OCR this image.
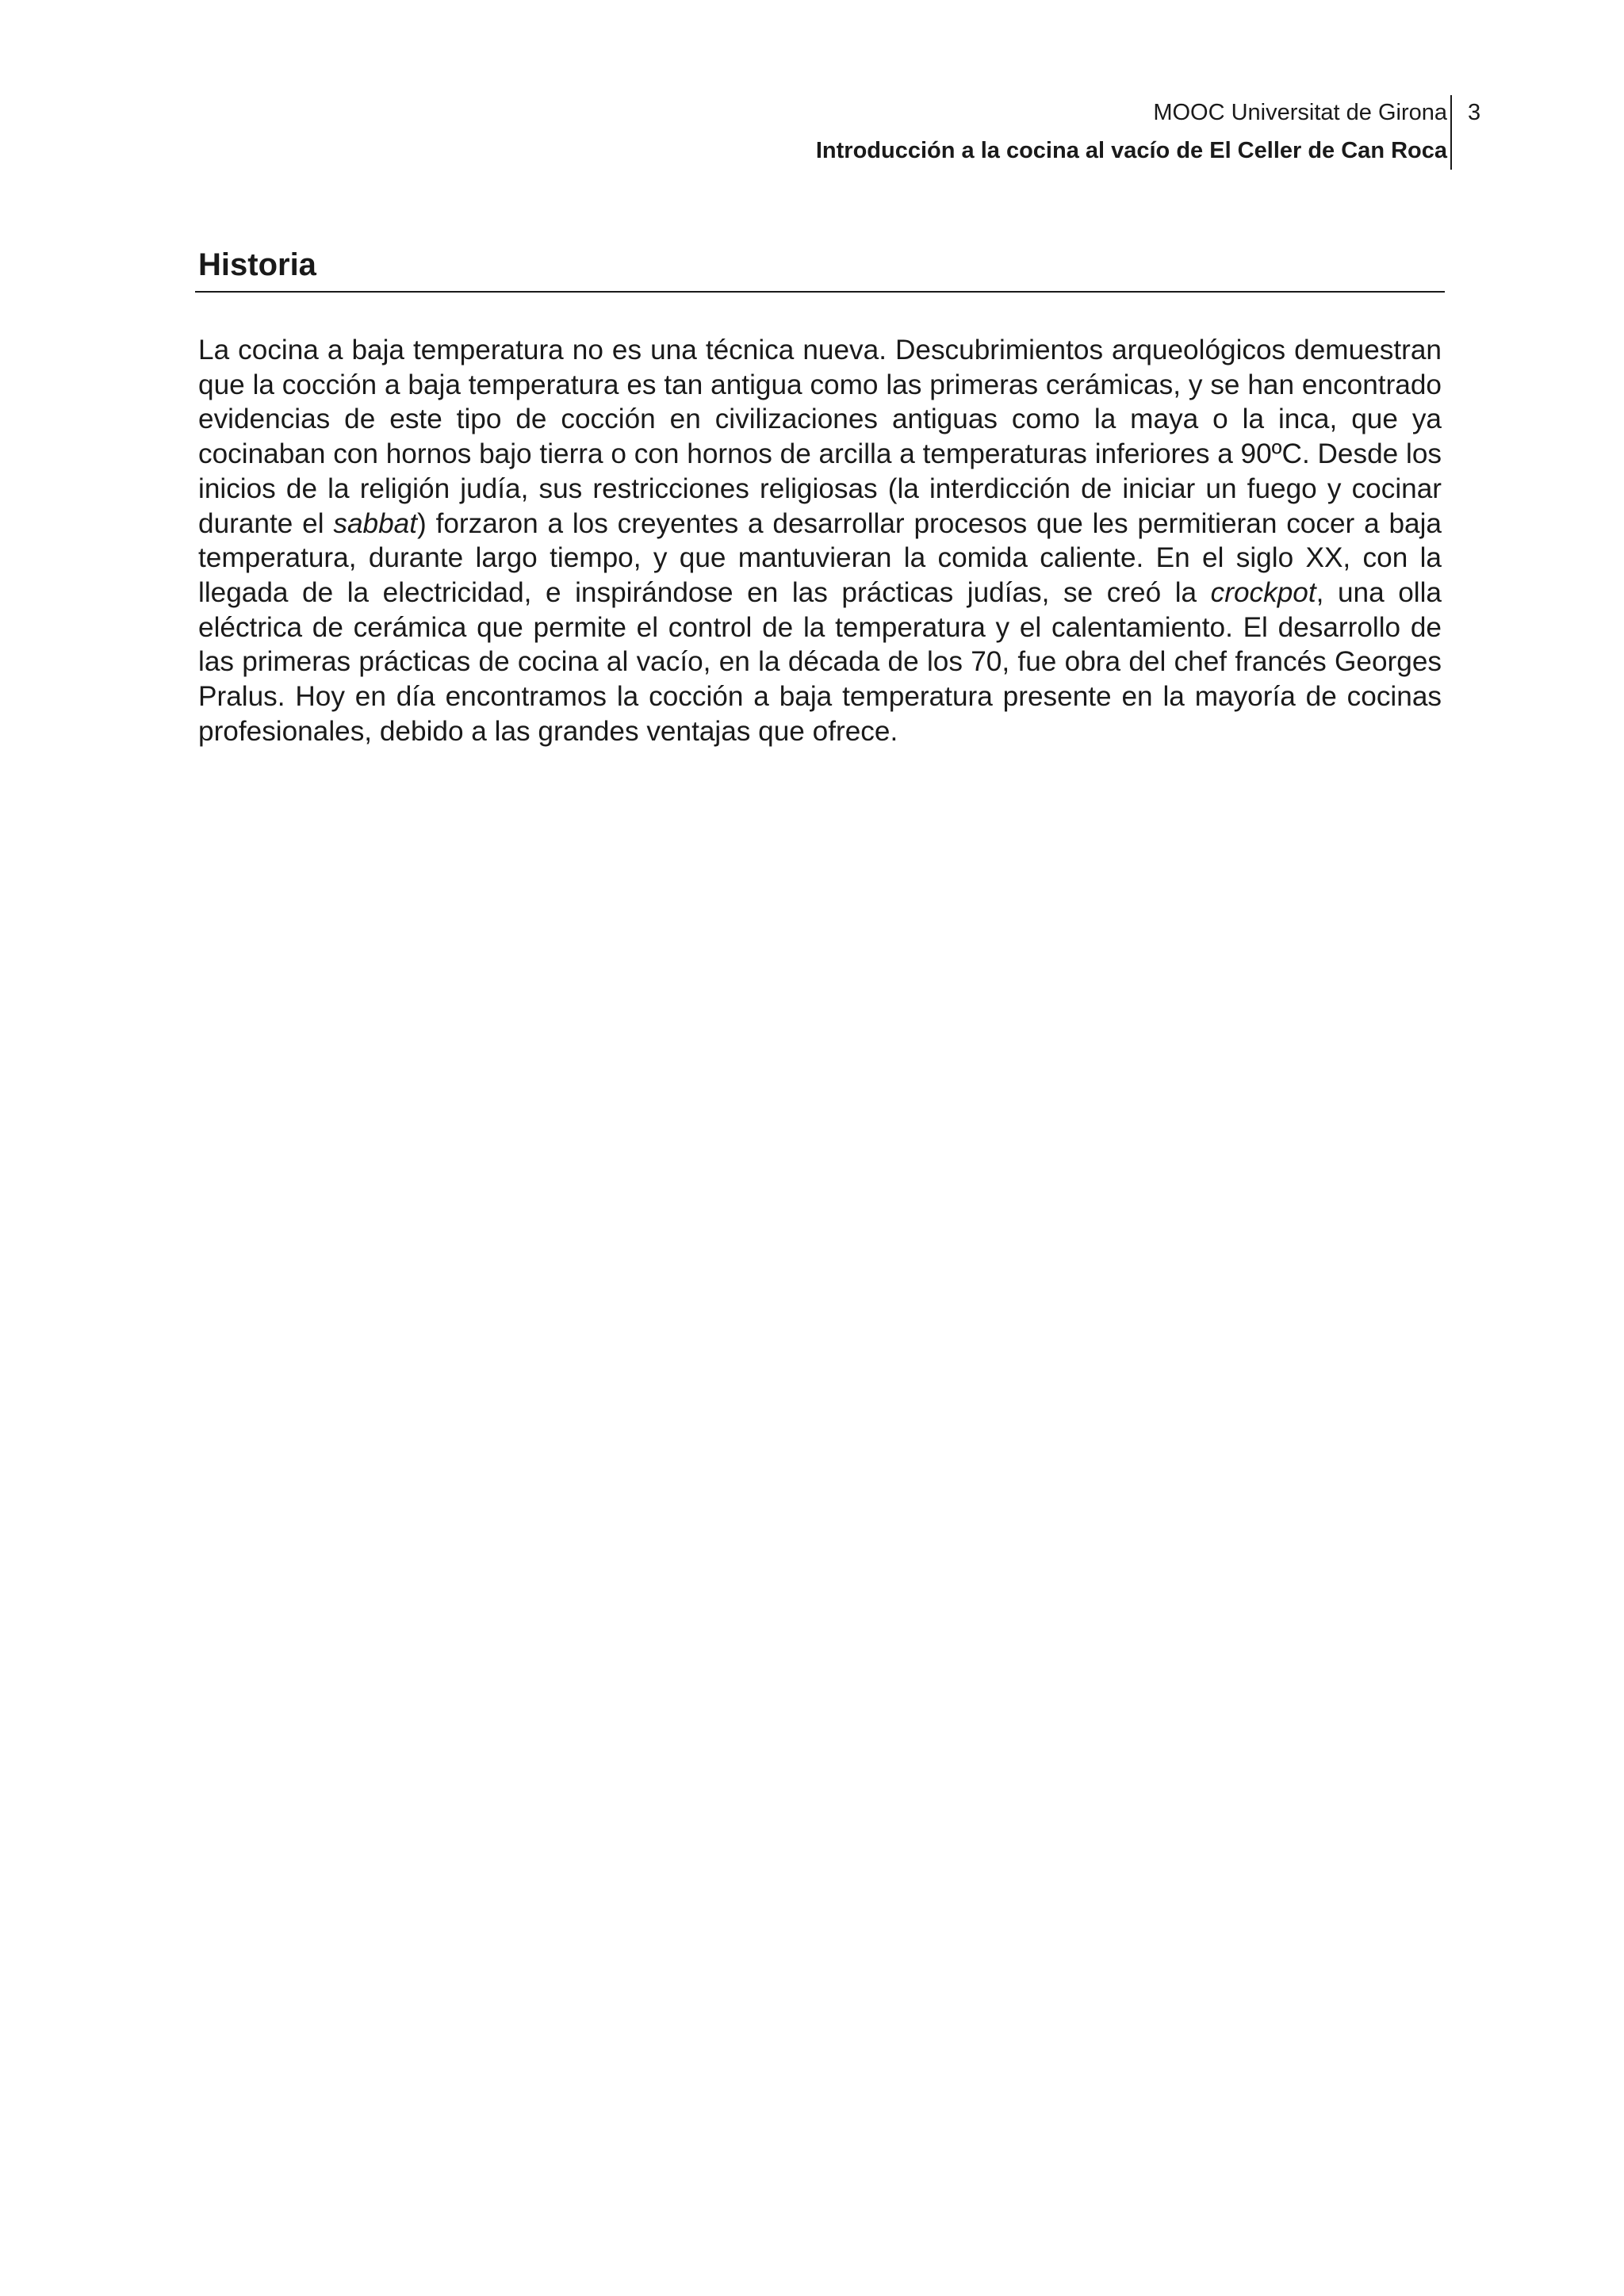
MOOC Universitat de Girona
Introducción a la cocina al vacío de El Celler de Can Roca
3
Historia

La cocina a baja temperatura no es una técnica nueva. Descubrimientos arqueológicos demuestran que la cocción a baja temperatura es tan antigua como las primeras cerámicas, y se han encontrado evidencias de este tipo de cocción en civilizaciones antiguas como la maya o la inca, que ya cocinaban con hornos bajo tierra o con hornos de arcilla a temperaturas inferiores a 90ºC. Desde los inicios de la religión judía, sus restricciones religiosas (la interdicción de iniciar un fuego y cocinar durante el sabbat) forzaron a los creyentes a desarrollar procesos que les permitieran cocer a baja temperatura, durante largo tiempo, y que mantuvieran la comida caliente. En el siglo XX, con la llegada de la electricidad, e inspirándose en las prácticas judías, se creó la crockpot, una olla eléctrica de cerámica que permite el control de la temperatura y el calentamiento. El desarrollo de las primeras prácticas de cocina al vacío, en la década de los 70, fue obra del chef francés Georges Pralus. Hoy en día encontramos la cocción a baja temperatura presente en la mayoría de cocinas profesionales, debido a las grandes ventajas que ofrece.
